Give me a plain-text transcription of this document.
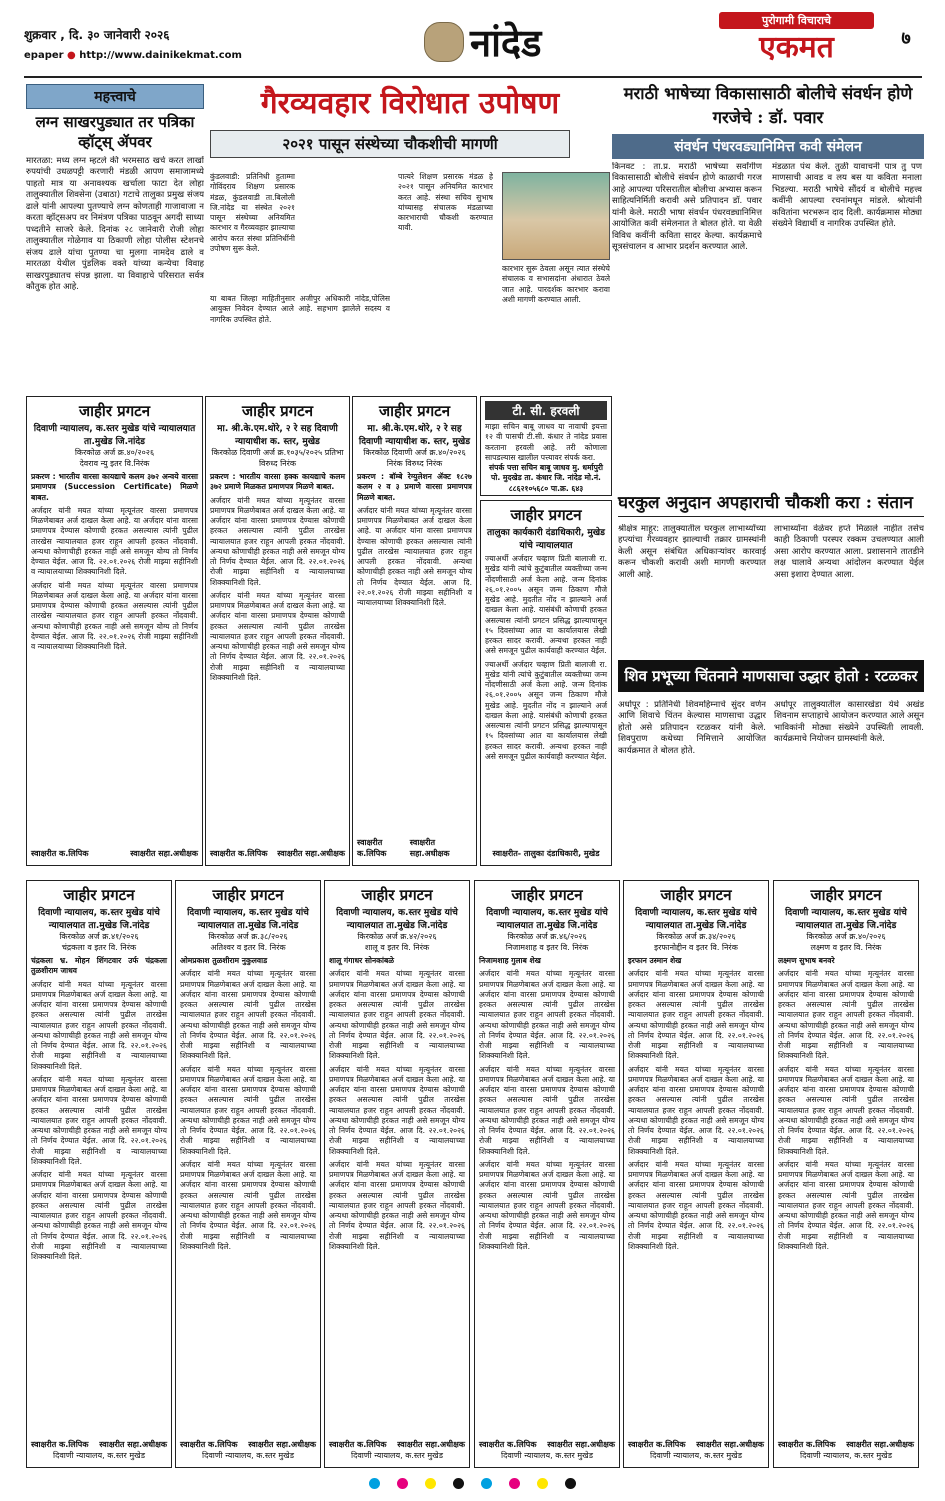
शुक्रवार , दि. ३० जानेवारी २०२६
epaper ● http://www.dainikekmat.com	नांदेड	पुरोगामी विचाराचे
एकमत	७
महत्त्वाचे
लग्न साखरपुड्यात तर पत्रिका व्हॉट्स् ॲपवर
मारतळा: मध्य लग्न म्हटले की भरमसाठ खर्च करत लाखों रुपयांची उधळपट्टी करणारी मंडळी आपण समाजामध्ये पाहतो मात्र या अनावश्यक खर्चाला फाटा देत लोहा तालुक्यातील शिवसेना (उबाठा) गटाचे तालुका प्रमुख संजय ढाले यांनी आपल्या पुतण्याचे लग्न कोणताही गाजावाजा न करता व्हॉट्सअप वर निमंत्रण पत्रिका पाठवून अगदी साध्या पध्दतीने साजरे केले. दिनांक २८ जानेवारी रोजी लोहा तालुक्यातील गोळेगाव या ठिकाणी लोहा पोलीस स्टेशनचे संजय ढाले यांचा पुतण्या चा मुलगा नामदेव ढाले व मारतळा येथील पुंडलिक वक्ते यांच्या कन्येचा विवाह साखरपुड्यातच संपन्न झाला. या विवाहाचे परिसरात सर्वत्र कौतुक होत आहे.
गैरव्यवहार विरोधात उपोषण
२०२१ पासून संस्थेच्या चौकशीची मागणी
कुंडलवाडी: प्रतिनिधी हुताम्मा गोविंदराव शिक्षण प्रसारक मंडळ, कुंडलवाडी ता.बिलोली जि.नांदेड या संस्थेत २०२१ पासून संस्थेच्या अनियमित कारभार व गैरव्यवहार झाल्याचा आरोप करत संस्था प्रतिनिधींनी उपोषण सुरू केले.
या बाबत जिल्हा माहितीनुसार अजीपुर अधिकारी नांदेड,पोलिस आयुक्त निवेदन देण्यात आले आहे. सहभाग झालेले सदस्य व नागरिक उपस्थित होते.
पात्यरे शिक्षण प्रसारक मंडळ हे २०२१ पासून अनियमित कारभार करत आहे. संस्था सचिव सुभाष यांच्यासह संचालक मंडळाच्या कारभाराची चौकशी करण्यात यावी.
कारभार सुरू ठेवला असून त्यात संस्थेचे संचालक व सभासदांना अंधारात ठेवले जात आहे. पारदर्शक कारभार करावा अशी मागणी करण्यात आली.
मराठी भाषेच्या विकासासाठी बोलीचे संवर्धन होणे गरजेचे : डॉ. पवार
संवर्धन पंधरवड्यानिमित्त कवी संमेलन
किनवट : ता.प्र. मराठी भाषेच्या सर्वांगीण विकासासाठी बोलीचे संवर्धन होणे काळाची गरज आहे आपल्या परिसरातील बोलीचा अभ्यास करून साहित्यनिर्मिती करावी असे प्रतिपादन डॉ. पवार यांनी केले. मराठी भाषा संवर्धन पंधरवड्यानिमित्त आयोजित कवी संमेलनात ते बोलत होते. या वेळी विविध कवींनी कविता सादर केल्या. कार्यक्रमाचे सूत्रसंचालन व आभार प्रदर्शन करण्यात आले.
मंडळात पंथ केले. तुळी यावाचनी पात्र तु पण माणसाची आवड व लय बस या कविता मनाला भिडल्या. मराठी भाषेचे सौंदर्य व बोलीचे महत्त्व कवींनी आपल्या रचनांमधून मांडले. श्रोत्यांनी कवितांना भरभरून दाद दिली. कार्यक्रमास मोठ्या संख्येने विद्यार्थी व नागरिक उपस्थित होते.
जाहीर प्रगटन
दिवाणी न्यायालय, क.स्तर मुखेड यांचे न्यायालयात ता.मुखेड जि.नांदेड
किरकोळ अर्ज क्र.४०/२०२६
देवराव न्यु इतर वि.निरंक
प्रकरण : भारतीय वारसा कायद्याचे कलम ३७२ अन्वये वारसा प्रमाणपत्र (Succession Certificate) मिळणे बाबत.
अर्जदार यांनी मयत यांच्या मृत्यूनंतर वारसा प्रमाणपत्र मिळणेबाबत अर्ज दाखल केला आहे. या अर्जदार यांना वारसा प्रमाणपत्र देण्यास कोणाची हरकत असल्यास त्यांनी पुढील तारखेस न्यायालयात हजर राहून आपली हरकत नोंदवावी. अन्यथा कोणाचीही हरकत नाही असे समजून योग्य तो निर्णय देण्यात येईल. आज दि. २२.०१.२०२६ रोजी माझ्या सहीनिशी व न्यायालयाच्या शिक्क्यानिशी दिले.
अर्जदार यांनी मयत यांच्या मृत्यूनंतर वारसा प्रमाणपत्र मिळणेबाबत अर्ज दाखल केला आहे. या अर्जदार यांना वारसा प्रमाणपत्र देण्यास कोणाची हरकत असल्यास त्यांनी पुढील तारखेस न्यायालयात हजर राहून आपली हरकत नोंदवावी. अन्यथा कोणाचीही हरकत नाही असे समजून योग्य तो निर्णय देण्यात येईल. आज दि. २२.०१.२०२६ रोजी माझ्या सहीनिशी व न्यायालयाच्या शिक्क्यानिशी दिले.
स्वाक्षरीत क.लिपिक	स्वाक्षरीत सहा.अधीक्षक
जाहीर प्रगटन
मा. श्री.के.एम.थोरे, २ रे सह दिवाणी न्यायाधीश क. स्तर, मुखेड
किरकोळ दिवाणी अर्ज क्र.१०३५/२०२५ प्रतिभा विरुध्द निरंक
प्रकरण : भारतीय वारसा हक्क कायद्याचे कलम ३७२ प्रमाणे मिळकत प्रमाणपत्र मिळणे बाबत.
अर्जदार यांनी मयत यांच्या मृत्यूनंतर वारसा प्रमाणपत्र मिळणेबाबत अर्ज दाखल केला आहे. या अर्जदार यांना वारसा प्रमाणपत्र देण्यास कोणाची हरकत असल्यास त्यांनी पुढील तारखेस न्यायालयात हजर राहून आपली हरकत नोंदवावी. अन्यथा कोणाचीही हरकत नाही असे समजून योग्य तो निर्णय देण्यात येईल. आज दि. २२.०१.२०२६ रोजी माझ्या सहीनिशी व न्यायालयाच्या शिक्क्यानिशी दिले.
अर्जदार यांनी मयत यांच्या मृत्यूनंतर वारसा प्रमाणपत्र मिळणेबाबत अर्ज दाखल केला आहे. या अर्जदार यांना वारसा प्रमाणपत्र देण्यास कोणाची हरकत असल्यास त्यांनी पुढील तारखेस न्यायालयात हजर राहून आपली हरकत नोंदवावी. अन्यथा कोणाचीही हरकत नाही असे समजून योग्य तो निर्णय देण्यात येईल. आज दि. २२.०१.२०२६ रोजी माझ्या सहीनिशी व न्यायालयाच्या शिक्क्यानिशी दिले.
स्वाक्षरीत क.लिपिक स्वाक्षरीत सहा.अधीक्षक
जाहीर प्रगटन
मा. श्री.के.एम.थोरे, २ रे सह दिवाणी न्यायाधीश क. स्तर, मुखेड
किरकोळ दिवाणी अर्ज क्र.४०/२०२६ निरंक विरुध्द निरंक
प्रकरण : बॉम्बे रेग्युलेशन ॲक्ट १८२७ कलम २ व ३ प्रमाणे वारसा प्रमाणपत्र मिळणे बाबत.
अर्जदार यांनी मयत यांच्या मृत्यूनंतर वारसा प्रमाणपत्र मिळणेबाबत अर्ज दाखल केला आहे. या अर्जदार यांना वारसा प्रमाणपत्र देण्यास कोणाची हरकत असल्यास त्यांनी पुढील तारखेस न्यायालयात हजर राहून आपली हरकत नोंदवावी. अन्यथा कोणाचीही हरकत नाही असे समजून योग्य तो निर्णय देण्यात येईल. आज दि. २२.०१.२०२६ रोजी माझ्या सहीनिशी व न्यायालयाच्या शिक्क्यानिशी दिले.
स्वाक्षरीत क.लिपिक
स्वाक्षरीत सहा.अधीक्षक
टी. सी. हरवली
माझा सचिन बाबू जाधव या नावाची इयत्ता १२ वी पासची टी.सी. कंधार ते नांदेड प्रवास करताना हरवली आहे. तरी कोणाला सापडल्यास खालील पत्त्यावर संपर्क करा.
संपर्क पत्ता सचिन बाबू जाधव मु. धर्मापुरी पो. मुदखेड ता. कंधार जि. नांदेड मो.नं. ८८६२१०५६८० पा.क्र. ६४३
जाहीर प्रगटन
तालुका कार्यकारी दंडाधिकारी, मुखेड यांचे न्यायालयात
ज्याअर्थी अर्जदार चव्हाण प्रिती बालाजी रा. मुखेड यांनी त्यांचे कुटुंबातील व्यक्तीच्या जन्म नोंदणीसाठी अर्ज केला आहे. जन्म दिनांक २६.०१.२००५ असून जन्म ठिकाण मौजे मुखेड आहे. मुदतीत नोंद न झाल्याने अर्ज दाखल केला आहे. यासंबंधी कोणाची हरकत असल्यास त्यांनी प्रगटन प्रसिद्ध झाल्यापासून १५ दिवसांच्या आत या कार्यालयास लेखी हरकत सादर करावी. अन्यथा हरकत नाही असे समजून पुढील कार्यवाही करण्यात येईल.
ज्याअर्थी अर्जदार चव्हाण प्रिती बालाजी रा. मुखेड यांनी त्यांचे कुटुंबातील व्यक्तीच्या जन्म नोंदणीसाठी अर्ज केला आहे. जन्म दिनांक २६.०१.२००५ असून जन्म ठिकाण मौजे मुखेड आहे. मुदतीत नोंद न झाल्याने अर्ज दाखल केला आहे. यासंबंधी कोणाची हरकत असल्यास त्यांनी प्रगटन प्रसिद्ध झाल्यापासून १५ दिवसांच्या आत या कार्यालयास लेखी हरकत सादर करावी. अन्यथा हरकत नाही असे समजून पुढील कार्यवाही करण्यात येईल.
स्वाक्षरीत- तालुका दंडाधिकारी, मुखेड
घरकुल अनुदान अपहाराची चौकशी करा : संतान
श्रीक्षेत्र माहूर: तालुक्यातील घरकुल लाभार्थ्यांच्या हप्त्यांचा गैरव्यवहार झाल्याची तक्रार ग्रामस्थांनी केली असून संबंधित अधिकाऱ्यांवर कारवाई करून चौकशी करावी अशी मागणी करण्यात आली आहे.
लाभार्थ्यांना वेळेवर हप्ते मिळाले नाहीत तसेच काही ठिकाणी परस्पर रक्कम उचलण्यात आली असा आरोप करण्यात आला. प्रशासनाने तातडीने लक्ष घालावे अन्यथा आंदोलन करण्यात येईल असा इशारा देण्यात आला.
शिव प्रभूच्या चिंतनाने माणसाचा उद्धार होतो : रटळकर
अर्धापूर : प्रतिनिधी शिवमहिम्नाचे सुंदर वर्णन आणि शिवाचे चिंतन केल्यास माणसाचा उद्धार होतो असे प्रतिपादन रटळकर यांनी केले. शिवपुराण कथेच्या निमित्ताने आयोजित कार्यक्रमात ते बोलत होते.
अर्धापूर तालुक्यातील कासारखेडा येथे अखंड शिवनाम सप्ताहाचे आयोजन करण्यात आले असून भाविकांनी मोठ्या संख्येने उपस्थिती लावली. कार्यक्रमाचे नियोजन ग्रामस्थांनी केले.
जाहीर प्रगटन
दिवाणी न्यायालय, क.स्तर मुखेड यांचे न्यायालयात ता.मुखेड जि.नांदेड
किरकोळ अर्ज क्र.४१/२०२६
चंद्रकला व इतर वि. निरंक
चंद्रकला भ्र. मोहन शिंगटवार उर्फ चंद्रकला तुळशीराम जाधव
अर्जदार यांनी मयत यांच्या मृत्यूनंतर वारसा प्रमाणपत्र मिळणेबाबत अर्ज दाखल केला आहे. या अर्जदार यांना वारसा प्रमाणपत्र देण्यास कोणाची हरकत असल्यास त्यांनी पुढील तारखेस न्यायालयात हजर राहून आपली हरकत नोंदवावी. अन्यथा कोणाचीही हरकत नाही असे समजून योग्य तो निर्णय देण्यात येईल. आज दि. २२.०१.२०२६ रोजी माझ्या सहीनिशी व न्यायालयाच्या शिक्क्यानिशी दिले.
अर्जदार यांनी मयत यांच्या मृत्यूनंतर वारसा प्रमाणपत्र मिळणेबाबत अर्ज दाखल केला आहे. या अर्जदार यांना वारसा प्रमाणपत्र देण्यास कोणाची हरकत असल्यास त्यांनी पुढील तारखेस न्यायालयात हजर राहून आपली हरकत नोंदवावी. अन्यथा कोणाचीही हरकत नाही असे समजून योग्य तो निर्णय देण्यात येईल. आज दि. २२.०१.२०२६ रोजी माझ्या सहीनिशी व न्यायालयाच्या शिक्क्यानिशी दिले.
अर्जदार यांनी मयत यांच्या मृत्यूनंतर वारसा प्रमाणपत्र मिळणेबाबत अर्ज दाखल केला आहे. या अर्जदार यांना वारसा प्रमाणपत्र देण्यास कोणाची हरकत असल्यास त्यांनी पुढील तारखेस न्यायालयात हजर राहून आपली हरकत नोंदवावी. अन्यथा कोणाचीही हरकत नाही असे समजून योग्य तो निर्णय देण्यात येईल. आज दि. २२.०१.२०२६ रोजी माझ्या सहीनिशी व न्यायालयाच्या शिक्क्यानिशी दिले.
स्वाक्षरीत क.लिपिक स्वाक्षरीत सहा.अधीक्षक
दिवाणी न्यायालय, क.स्तर मुखेड
जाहीर प्रगटन
दिवाणी न्यायालय, क.स्तर मुखेड यांचे न्यायालयात ता.मुखेड जि.नांदेड
किरकोळ अर्ज क्र.३८/२०२६
अतिश्वर व इतर वि. निरंक
ओमप्रकाश तुळशीराम नुकुलवाड
अर्जदार यांनी मयत यांच्या मृत्यूनंतर वारसा प्रमाणपत्र मिळणेबाबत अर्ज दाखल केला आहे. या अर्जदार यांना वारसा प्रमाणपत्र देण्यास कोणाची हरकत असल्यास त्यांनी पुढील तारखेस न्यायालयात हजर राहून आपली हरकत नोंदवावी. अन्यथा कोणाचीही हरकत नाही असे समजून योग्य तो निर्णय देण्यात येईल. आज दि. २२.०१.२०२६ रोजी माझ्या सहीनिशी व न्यायालयाच्या शिक्क्यानिशी दिले.
अर्जदार यांनी मयत यांच्या मृत्यूनंतर वारसा प्रमाणपत्र मिळणेबाबत अर्ज दाखल केला आहे. या अर्जदार यांना वारसा प्रमाणपत्र देण्यास कोणाची हरकत असल्यास त्यांनी पुढील तारखेस न्यायालयात हजर राहून आपली हरकत नोंदवावी. अन्यथा कोणाचीही हरकत नाही असे समजून योग्य तो निर्णय देण्यात येईल. आज दि. २२.०१.२०२६ रोजी माझ्या सहीनिशी व न्यायालयाच्या शिक्क्यानिशी दिले.
अर्जदार यांनी मयत यांच्या मृत्यूनंतर वारसा प्रमाणपत्र मिळणेबाबत अर्ज दाखल केला आहे. या अर्जदार यांना वारसा प्रमाणपत्र देण्यास कोणाची हरकत असल्यास त्यांनी पुढील तारखेस न्यायालयात हजर राहून आपली हरकत नोंदवावी. अन्यथा कोणाचीही हरकत नाही असे समजून योग्य तो निर्णय देण्यात येईल. आज दि. २२.०१.२०२६ रोजी माझ्या सहीनिशी व न्यायालयाच्या शिक्क्यानिशी दिले.
स्वाक्षरीत क.लिपिक स्वाक्षरीत सहा.अधीक्षक
दिवाणी न्यायालय, क.स्तर मुखेड
जाहीर प्रगटन
दिवाणी न्यायालय, क.स्तर मुखेड यांचे न्यायालयात ता.मुखेड जि.नांदेड
किरकोळ अर्ज क्र.४२/२०२६
शालू व इतर वि. निरंक
शालू गंगाधर सोनकांबळे
अर्जदार यांनी मयत यांच्या मृत्यूनंतर वारसा प्रमाणपत्र मिळणेबाबत अर्ज दाखल केला आहे. या अर्जदार यांना वारसा प्रमाणपत्र देण्यास कोणाची हरकत असल्यास त्यांनी पुढील तारखेस न्यायालयात हजर राहून आपली हरकत नोंदवावी. अन्यथा कोणाचीही हरकत नाही असे समजून योग्य तो निर्णय देण्यात येईल. आज दि. २२.०१.२०२६ रोजी माझ्या सहीनिशी व न्यायालयाच्या शिक्क्यानिशी दिले.
अर्जदार यांनी मयत यांच्या मृत्यूनंतर वारसा प्रमाणपत्र मिळणेबाबत अर्ज दाखल केला आहे. या अर्जदार यांना वारसा प्रमाणपत्र देण्यास कोणाची हरकत असल्यास त्यांनी पुढील तारखेस न्यायालयात हजर राहून आपली हरकत नोंदवावी. अन्यथा कोणाचीही हरकत नाही असे समजून योग्य तो निर्णय देण्यात येईल. आज दि. २२.०१.२०२६ रोजी माझ्या सहीनिशी व न्यायालयाच्या शिक्क्यानिशी दिले.
अर्जदार यांनी मयत यांच्या मृत्यूनंतर वारसा प्रमाणपत्र मिळणेबाबत अर्ज दाखल केला आहे. या अर्जदार यांना वारसा प्रमाणपत्र देण्यास कोणाची हरकत असल्यास त्यांनी पुढील तारखेस न्यायालयात हजर राहून आपली हरकत नोंदवावी. अन्यथा कोणाचीही हरकत नाही असे समजून योग्य तो निर्णय देण्यात येईल. आज दि. २२.०१.२०२६ रोजी माझ्या सहीनिशी व न्यायालयाच्या शिक्क्यानिशी दिले.
स्वाक्षरीत क.लिपिक स्वाक्षरीत सहा.अधीक्षक
दिवाणी न्यायालय, क.स्तर मुखेड
जाहीर प्रगटन
दिवाणी न्यायालय, क.स्तर मुखेड यांचे न्यायालयात ता.मुखेड जि.नांदेड
किरकोळ अर्ज क्र.४६/२०२६
निजामशाह व इतर वि. निरंक
निजामशाह गुलाब शेख
अर्जदार यांनी मयत यांच्या मृत्यूनंतर वारसा प्रमाणपत्र मिळणेबाबत अर्ज दाखल केला आहे. या अर्जदार यांना वारसा प्रमाणपत्र देण्यास कोणाची हरकत असल्यास त्यांनी पुढील तारखेस न्यायालयात हजर राहून आपली हरकत नोंदवावी. अन्यथा कोणाचीही हरकत नाही असे समजून योग्य तो निर्णय देण्यात येईल. आज दि. २२.०१.२०२६ रोजी माझ्या सहीनिशी व न्यायालयाच्या शिक्क्यानिशी दिले.
अर्जदार यांनी मयत यांच्या मृत्यूनंतर वारसा प्रमाणपत्र मिळणेबाबत अर्ज दाखल केला आहे. या अर्जदार यांना वारसा प्रमाणपत्र देण्यास कोणाची हरकत असल्यास त्यांनी पुढील तारखेस न्यायालयात हजर राहून आपली हरकत नोंदवावी. अन्यथा कोणाचीही हरकत नाही असे समजून योग्य तो निर्णय देण्यात येईल. आज दि. २२.०१.२०२६ रोजी माझ्या सहीनिशी व न्यायालयाच्या शिक्क्यानिशी दिले.
अर्जदार यांनी मयत यांच्या मृत्यूनंतर वारसा प्रमाणपत्र मिळणेबाबत अर्ज दाखल केला आहे. या अर्जदार यांना वारसा प्रमाणपत्र देण्यास कोणाची हरकत असल्यास त्यांनी पुढील तारखेस न्यायालयात हजर राहून आपली हरकत नोंदवावी. अन्यथा कोणाचीही हरकत नाही असे समजून योग्य तो निर्णय देण्यात येईल. आज दि. २२.०१.२०२६ रोजी माझ्या सहीनिशी व न्यायालयाच्या शिक्क्यानिशी दिले.
स्वाक्षरीत क.लिपिक स्वाक्षरीत सहा.अधीक्षक
दिवाणी न्यायालय, क.स्तर मुखेड
जाहीर प्रगटन
दिवाणी न्यायालय, क.स्तर मुखेड यांचे न्यायालयात ता.मुखेड जि.नांदेड
किरकोळ अर्ज क्र.३४/२०२६
इरफानोद्दीन व इतर वि. निरंक
इरफान उस्मान शेख
अर्जदार यांनी मयत यांच्या मृत्यूनंतर वारसा प्रमाणपत्र मिळणेबाबत अर्ज दाखल केला आहे. या अर्जदार यांना वारसा प्रमाणपत्र देण्यास कोणाची हरकत असल्यास त्यांनी पुढील तारखेस न्यायालयात हजर राहून आपली हरकत नोंदवावी. अन्यथा कोणाचीही हरकत नाही असे समजून योग्य तो निर्णय देण्यात येईल. आज दि. २२.०१.२०२६ रोजी माझ्या सहीनिशी व न्यायालयाच्या शिक्क्यानिशी दिले.
अर्जदार यांनी मयत यांच्या मृत्यूनंतर वारसा प्रमाणपत्र मिळणेबाबत अर्ज दाखल केला आहे. या अर्जदार यांना वारसा प्रमाणपत्र देण्यास कोणाची हरकत असल्यास त्यांनी पुढील तारखेस न्यायालयात हजर राहून आपली हरकत नोंदवावी. अन्यथा कोणाचीही हरकत नाही असे समजून योग्य तो निर्णय देण्यात येईल. आज दि. २२.०१.२०२६ रोजी माझ्या सहीनिशी व न्यायालयाच्या शिक्क्यानिशी दिले.
अर्जदार यांनी मयत यांच्या मृत्यूनंतर वारसा प्रमाणपत्र मिळणेबाबत अर्ज दाखल केला आहे. या अर्जदार यांना वारसा प्रमाणपत्र देण्यास कोणाची हरकत असल्यास त्यांनी पुढील तारखेस न्यायालयात हजर राहून आपली हरकत नोंदवावी. अन्यथा कोणाचीही हरकत नाही असे समजून योग्य तो निर्णय देण्यात येईल. आज दि. २२.०१.२०२६ रोजी माझ्या सहीनिशी व न्यायालयाच्या शिक्क्यानिशी दिले.
स्वाक्षरीत क.लिपिक स्वाक्षरीत सहा.अधीक्षक
दिवाणी न्यायालय, क.स्तर मुखेड
जाहीर प्रगटन
दिवाणी न्यायालय, क.स्तर मुखेड यांचे न्यायालयात ता.मुखेड जि.नांदेड
किरकोळ अर्ज क्र.४०/२०२६
लक्ष्मण व इतर वि. निरंक
लक्ष्मण सुभाष बनवरे
अर्जदार यांनी मयत यांच्या मृत्यूनंतर वारसा प्रमाणपत्र मिळणेबाबत अर्ज दाखल केला आहे. या अर्जदार यांना वारसा प्रमाणपत्र देण्यास कोणाची हरकत असल्यास त्यांनी पुढील तारखेस न्यायालयात हजर राहून आपली हरकत नोंदवावी. अन्यथा कोणाचीही हरकत नाही असे समजून योग्य तो निर्णय देण्यात येईल. आज दि. २२.०१.२०२६ रोजी माझ्या सहीनिशी व न्यायालयाच्या शिक्क्यानिशी दिले.
अर्जदार यांनी मयत यांच्या मृत्यूनंतर वारसा प्रमाणपत्र मिळणेबाबत अर्ज दाखल केला आहे. या अर्जदार यांना वारसा प्रमाणपत्र देण्यास कोणाची हरकत असल्यास त्यांनी पुढील तारखेस न्यायालयात हजर राहून आपली हरकत नोंदवावी. अन्यथा कोणाचीही हरकत नाही असे समजून योग्य तो निर्णय देण्यात येईल. आज दि. २२.०१.२०२६ रोजी माझ्या सहीनिशी व न्यायालयाच्या शिक्क्यानिशी दिले.
अर्जदार यांनी मयत यांच्या मृत्यूनंतर वारसा प्रमाणपत्र मिळणेबाबत अर्ज दाखल केला आहे. या अर्जदार यांना वारसा प्रमाणपत्र देण्यास कोणाची हरकत असल्यास त्यांनी पुढील तारखेस न्यायालयात हजर राहून आपली हरकत नोंदवावी. अन्यथा कोणाचीही हरकत नाही असे समजून योग्य तो निर्णय देण्यात येईल. आज दि. २२.०१.२०२६ रोजी माझ्या सहीनिशी व न्यायालयाच्या शिक्क्यानिशी दिले.
स्वाक्षरीत क.लिपिक स्वाक्षरीत सहा.अधीक्षक
दिवाणी न्यायालय, क.स्तर मुखेड
